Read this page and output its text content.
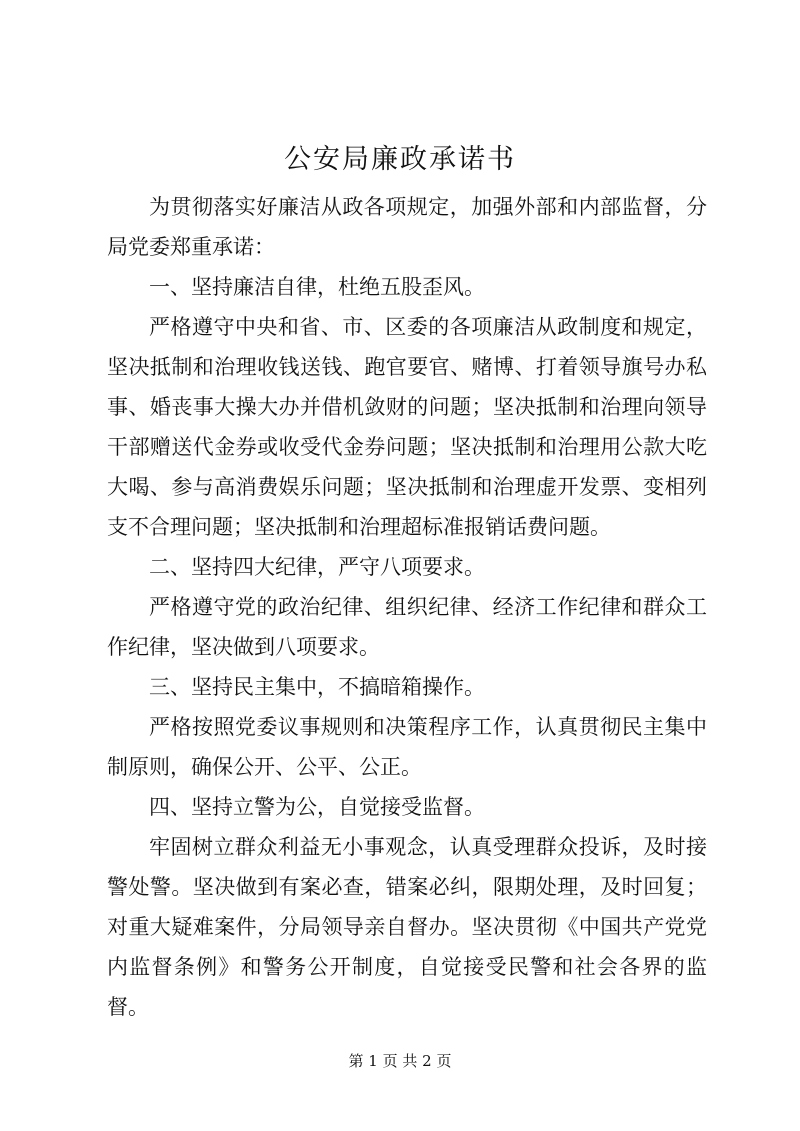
公安局廉政承诺书

为贯彻落实好廉洁从政各项规定，加强外部和内部监督，分局党委郑重承诺：

一、坚持廉洁自律，杜绝五股歪风。

严格遵守中央和省、市、区委的各项廉洁从政制度和规定，坚决抵制和治理收钱送钱、跑官要官、赌博、打着领导旗号办私事、婚丧事大操大办并借机敛财的问题；坚决抵制和治理向领导干部赠送代金券或收受代金券问题；坚决抵制和治理用公款大吃大喝、参与高消费娱乐问题；坚决抵制和治理虚开发票、变相列支不合理问题；坚决抵制和治理超标准报销话费问题。

二、坚持四大纪律，严守八项要求。

严格遵守党的政治纪律、组织纪律、经济工作纪律和群众工作纪律，坚决做到八项要求。

三、坚持民主集中，不搞暗箱操作。

严格按照党委议事规则和决策程序工作，认真贯彻民主集中制原则，确保公开、公平、公正。

四、坚持立警为公，自觉接受监督。

牢固树立群众利益无小事观念，认真受理群众投诉，及时接警处警。坚决做到有案必查，错案必纠，限期处理，及时回复；对重大疑难案件，分局领导亲自督办。坚决贯彻《中国共产党党内监督条例》和警务公开制度，自觉接受民警和社会各界的监督。

第 1 页 共 2 页
